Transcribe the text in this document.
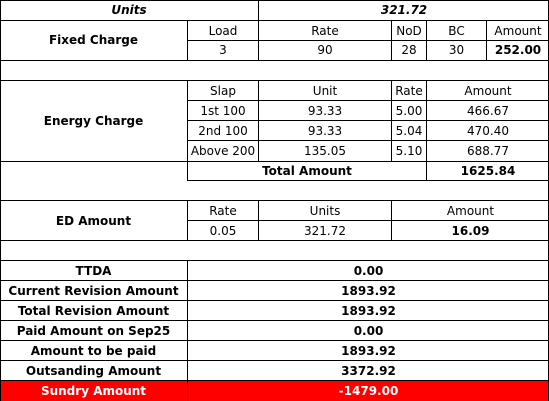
Units	321.72
Fixed Charge
Load	Rate	NoD	BC	Amount
3	90	28	30	252.00
Energy Charge
Slap	Unit	Rate	Amount
1st 100	93.33	5.00	466.67
2nd 100	93.33	5.04	470.40
Above 200	135.05	5.10	688.77
Total Amount	1625.84
ED Amount
Rate	Units	Amount
0.05	321.72	16.09
TTDA	0.00
Current Revision Amount	1893.92
Total Revision Amount	1893.92
Paid Amount on Sep25	0.00
Amount to be paid	1893.92
Outsanding Amount	3372.92
Sundry Amount	-1479.00
